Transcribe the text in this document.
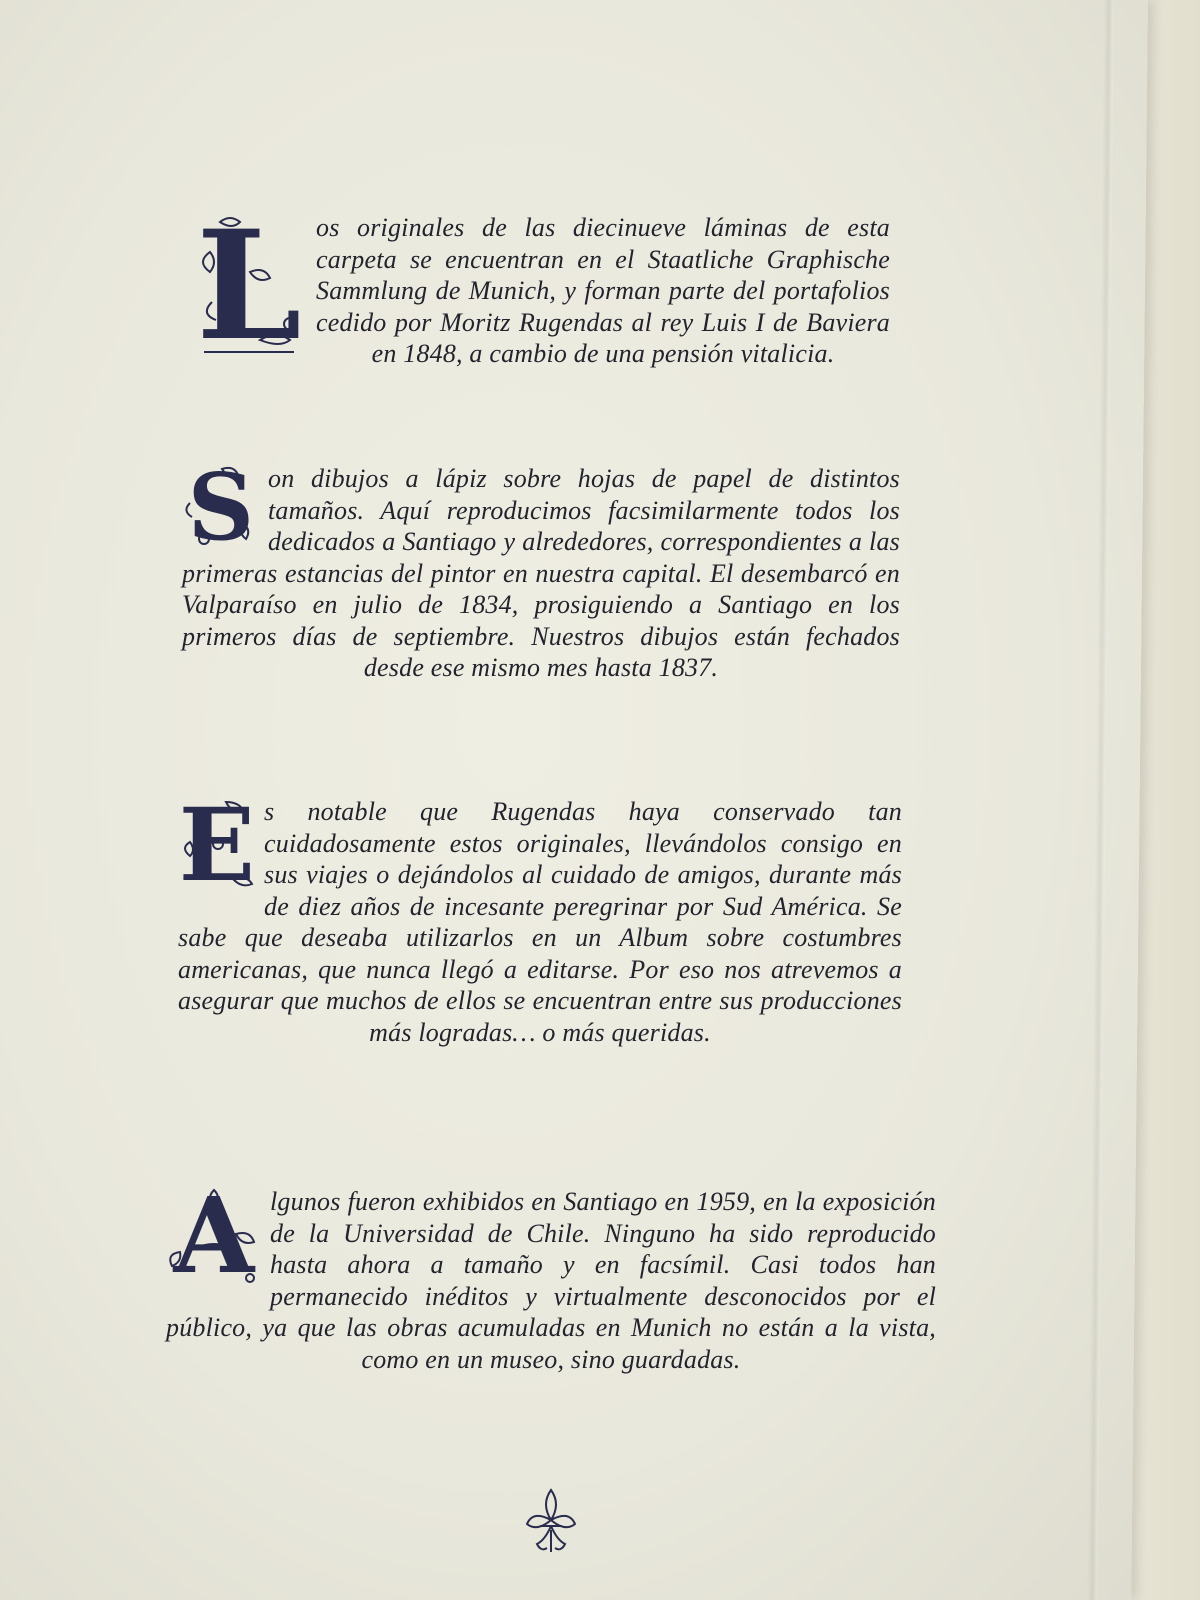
L os originales de las diecinueve láminas de esta carpeta se encuentran en el Staatliche Graphische Sammlung de Munich, y forman parte del portafolios cedido por Moritz Rugendas al rey Luis I de Baviera en 1848, a cambio de una pensión vitalicia.
S on dibujos a lápiz sobre hojas de papel de distintos tamaños. Aquí reproducimos facsimilarmente todos los dedicados a Santiago y alrededores, correspondientes a las primeras estancias del pintor en nuestra capital. El desembarcó en Valparaíso en julio de 1834, prosiguiendo a Santiago en los primeros días de septiembre. Nuestros dibujos están fechados desde ese mismo mes hasta 1837.
E s notable que Rugendas haya conservado tan cuidadosamente estos originales, llevándolos consigo en sus viajes o dejándolos al cuidado de amigos, durante más de diez años de incesante peregrinar por Sud América. Se sabe que deseaba utilizarlos en un Album sobre costumbres americanas, que nunca llegó a editarse. Por eso nos atrevemos a asegurar que muchos de ellos se encuentran entre sus producciones más logradas… o más queridas.
A lgunos fueron exhibidos en Santiago en 1959, en la exposición de la Universidad de Chile. Ninguno ha sido reproducido hasta ahora a tamaño y en facsímil. Casi todos han permanecido inéditos y virtualmente desconocidos por el público, ya que las obras acumuladas en Munich no están a la vista, como en un museo, sino guardadas.
